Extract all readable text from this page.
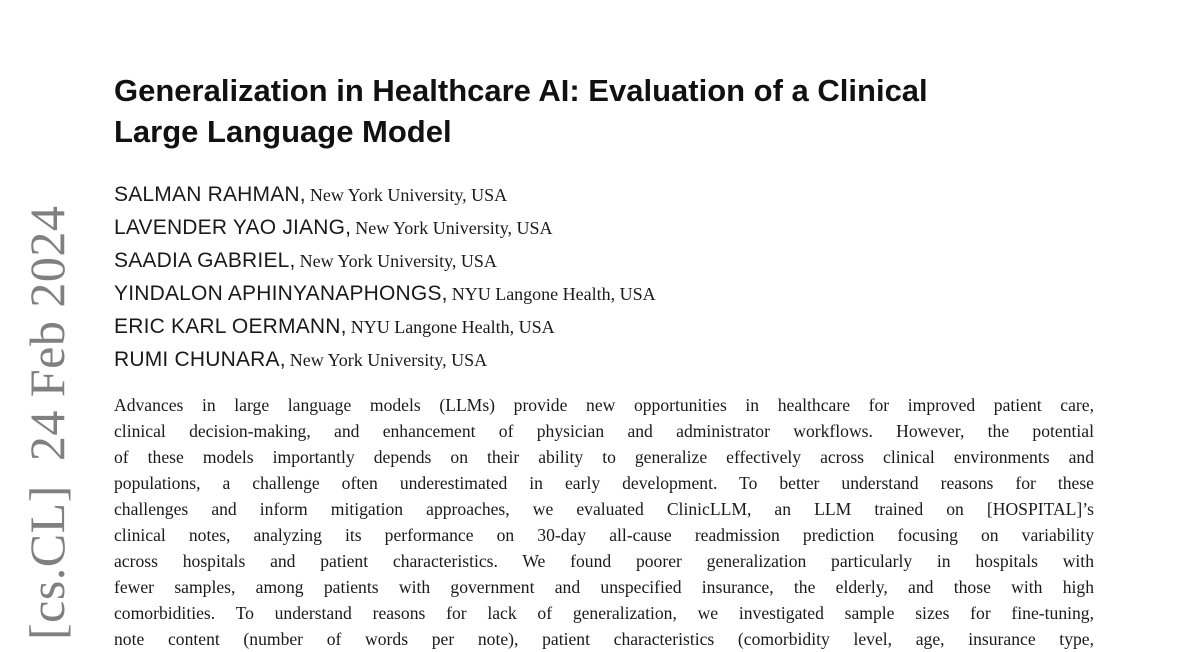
[cs.CL]24 Feb 2024
Generalization in Healthcare AI: Evaluation of a Clinical
Large Language Model
SALMAN RAHMAN, New York University, USA
LAVENDER YAO JIANG, New York University, USA
SAADIA GABRIEL, New York University, USA
YINDALON APHINYANAPHONGS, NYU Langone Health, USA
ERIC KARL OERMANN, NYU Langone Health, USA
RUMI CHUNARA, New York University, USA
Advances in large language models (LLMs) provide new opportunities in healthcare for improved patient care,
clinical decision-making, and enhancement of physician and administrator workflows. However, the potential
of these models importantly depends on their ability to generalize effectively across clinical environments and
populations, a challenge often underestimated in early development. To better understand reasons for these
challenges and inform mitigation approaches, we evaluated ClinicLLM, an LLM trained on [HOSPITAL]’s
clinical notes, analyzing its performance on 30-day all-cause readmission prediction focusing on variability
across hospitals and patient characteristics. We found poorer generalization particularly in hospitals with
fewer samples, among patients with government and unspecified insurance, the elderly, and those with high
comorbidities. To understand reasons for lack of generalization, we investigated sample sizes for fine-tuning,
note content (number of words per note), patient characteristics (comorbidity level, age, insurance type,
